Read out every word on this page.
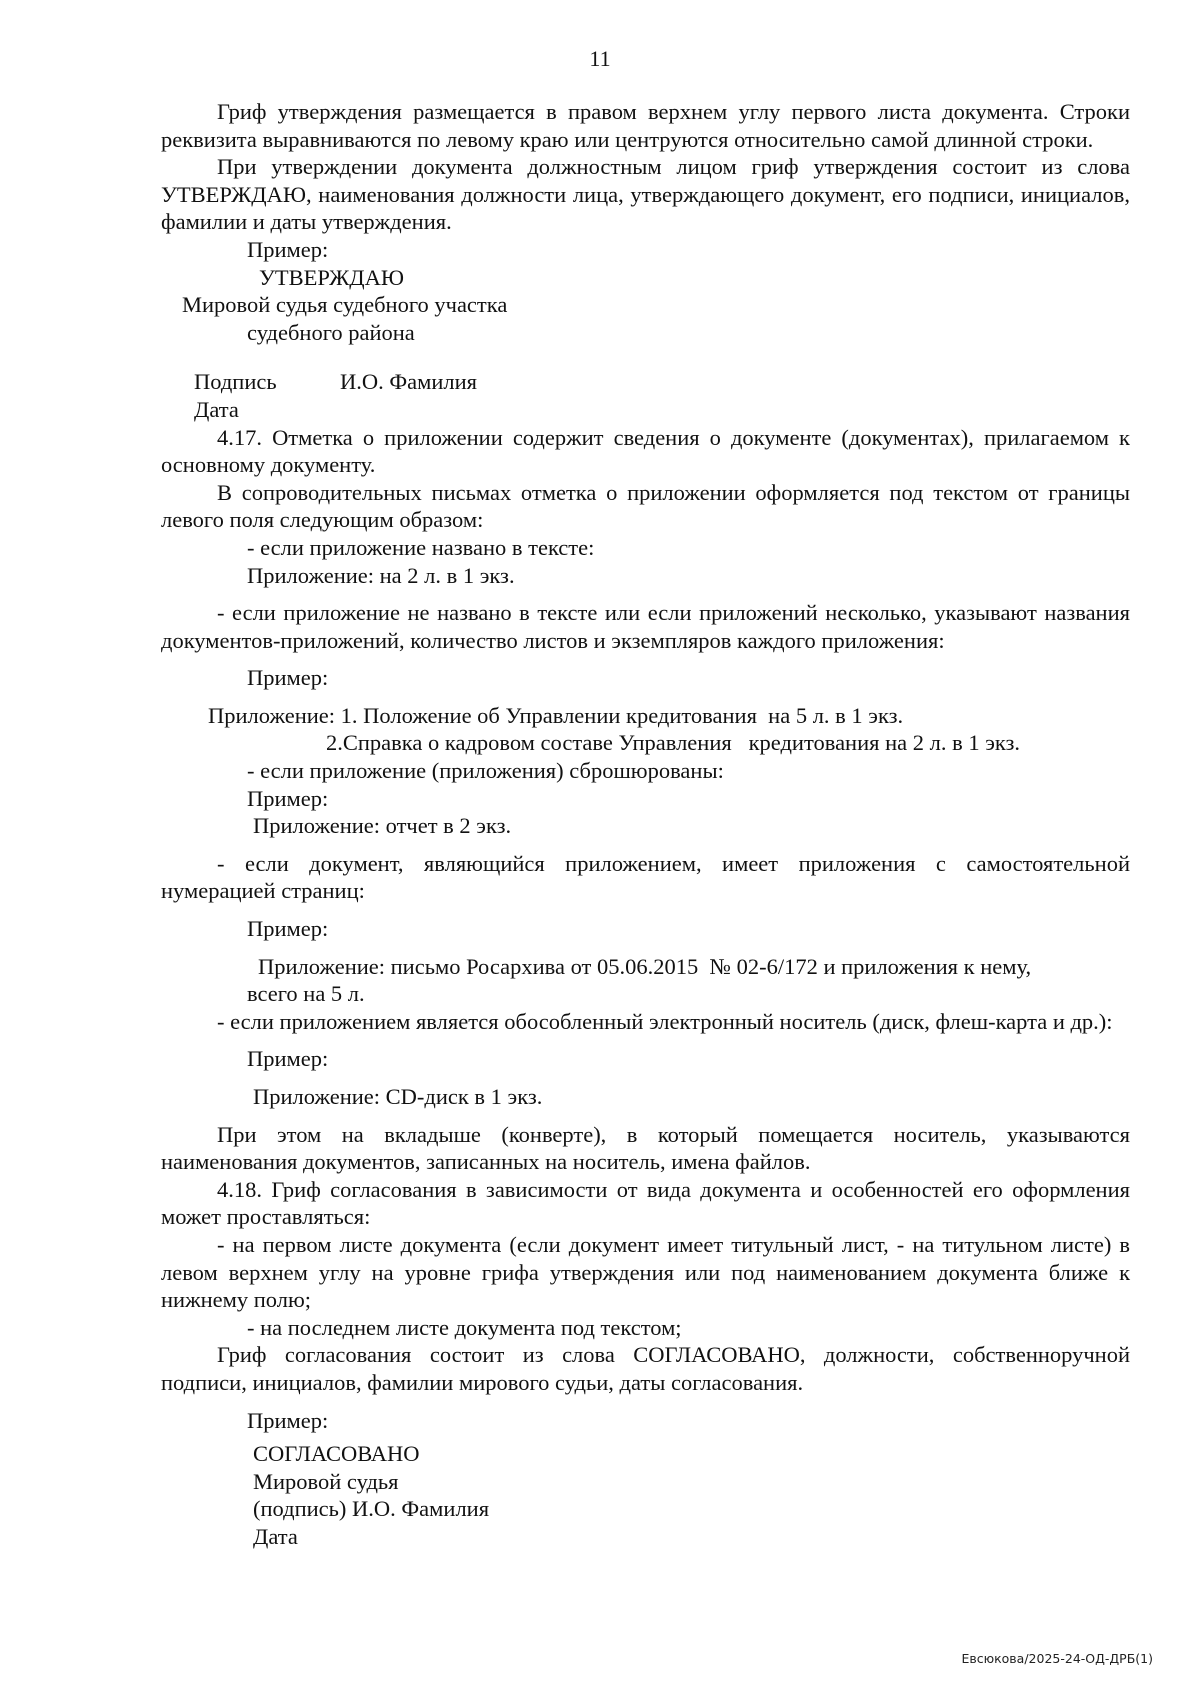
11

Гриф утверждения размещается в правом верхнем углу первого листа документа. Строки реквизита выравниваются по левому краю или центруются относительно самой длинной строки.

При утверждении документа должностным лицом гриф утверждения состоит из слова УТВЕРЖДАЮ, наименования должности лица, утверждающего документ, его подписи, инициалов, фамилии и даты утверждения.

Пример:

УТВЕРЖДАЮ

Мировой судья судебного участка

судебного района

Подпись	И.О. Фамилия

Дата

4.17. Отметка о приложении содержит сведения о документе (документах), прилагаемом к основному документу.

В сопроводительных письмах отметка о приложении оформляется под текстом от границы левого поля следующим образом:

- если приложение названо в тексте:

Приложение: на 2 л. в 1 экз.

- если приложение не названо в тексте или если приложений несколько, указывают названия документов-приложений, количество листов и экземпляров каждого приложения:

Пример:

Приложение: 1. Положение об Управлении кредитования  на 5 л. в 1 экз.

2.Справка о кадровом составе Управления   кредитования на 2 л. в 1 экз.

- если приложение (приложения) сброшюрованы:

Пример:

Приложение: отчет в 2 экз.

- если документ, являющийся приложением, имеет приложения с самостоятельной нумерацией страниц:

Пример:

Приложение: письмо Росархива от 05.06.2015  № 02-6/172 и приложения к нему,

всего на 5 л.

- если приложением является обособленный электронный носитель (диск, флеш-карта и др.):

Пример:

Приложение: CD-диск в 1 экз.

При этом на вкладыше (конверте), в который помещается носитель, указываются наименования документов, записанных на носитель, имена файлов.

4.18. Гриф согласования в зависимости от вида документа и особенностей его оформления может проставляться:

- на первом листе документа (если документ имеет титульный лист, - на титульном листе) в левом верхнем углу на уровне грифа утверждения или под наименованием документа ближе к нижнему полю;

- на последнем листе документа под текстом;

Гриф согласования состоит из слова СОГЛАСОВАНО, должности, собственноручной подписи, инициалов, фамилии мирового судьи, даты согласования.

Пример:

СОГЛАСОВАНО

Мировой судья

(подпись) И.О. Фамилия

Дата

Евсюкова/2025-24-ОД-ДРБ(1)
